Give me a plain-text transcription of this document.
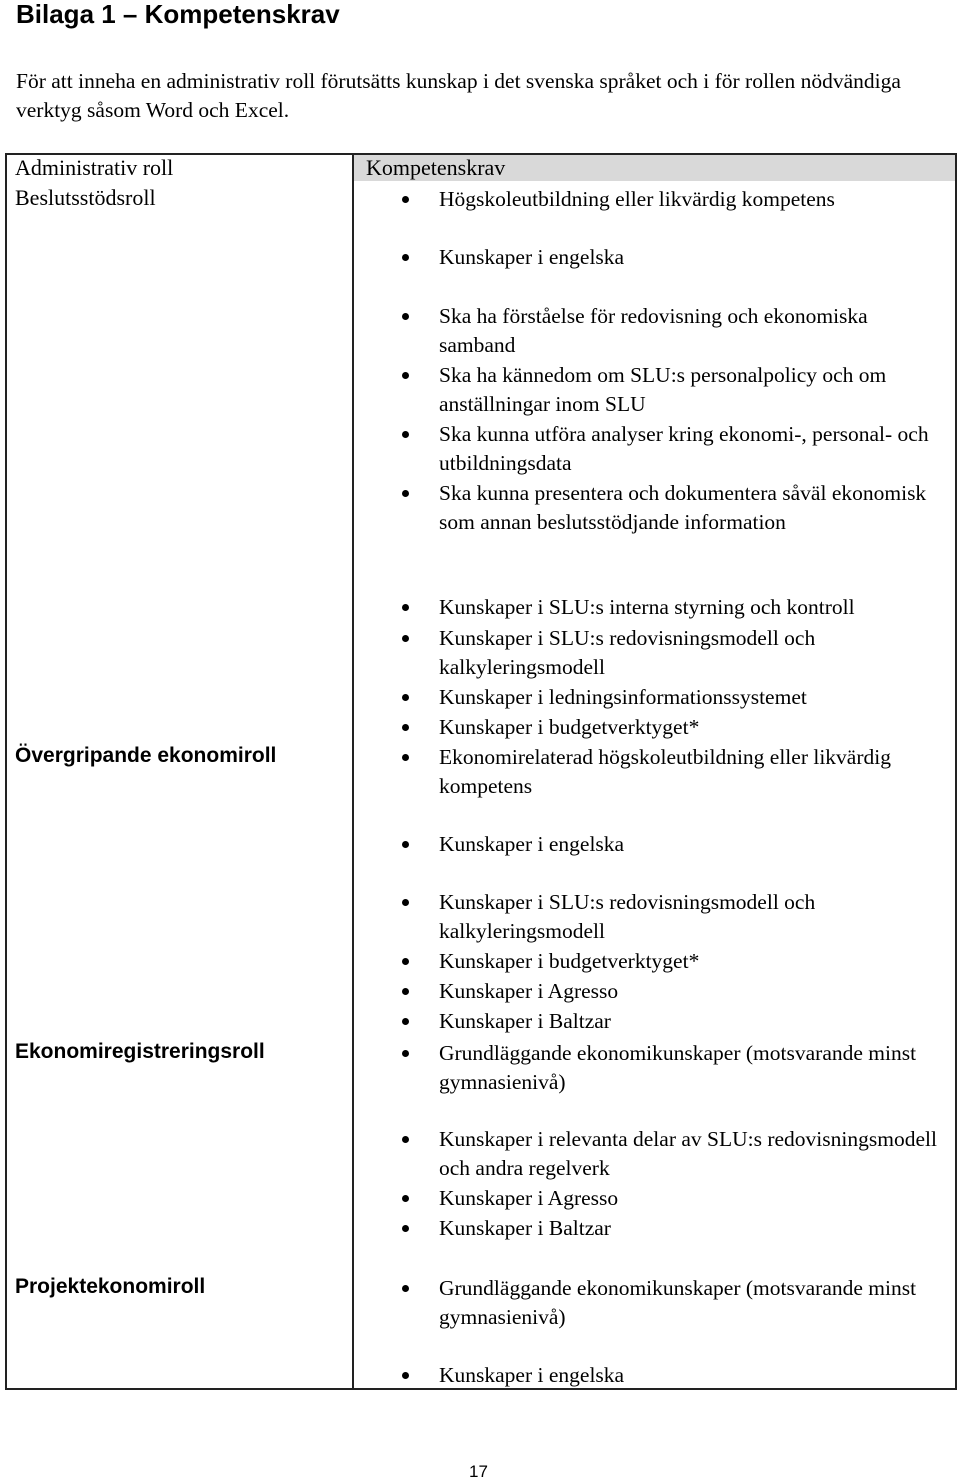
Bilaga 1 – Kompetenskrav

För att inneha en administrativ roll förutsätts kunskap i det svenska språket och i för rollen nödvändiga verktyg såsom Word och Excel.

Administrativ roll	Kompetenskrav
Beslutsstödsroll
Övergripande ekonomiroll
Ekonomiregistreringsroll
Projektekonomiroll
Högskoleutbildning eller likvärdig kompetens
Kunskaper i engelska
Ska ha förståelse för redovisning och ekonomiska samband
Ska ha kännedom om SLU:s personalpolicy och om anställningar inom SLU
Ska kunna utföra analyser kring ekonomi-, personal- och utbildningsdata
Ska kunna presentera och dokumentera såväl ekonomisk som annan beslutsstödjande information
Kunskaper i SLU:s interna styrning och kontroll
Kunskaper i SLU:s redovisningsmodell och kalkyleringsmodell
Kunskaper i ledningsinformationssystemet
Kunskaper i budgetverktyget*
Ekonomirelaterad högskoleutbildning eller likvärdig kompetens
Kunskaper i engelska
Kunskaper i SLU:s redovisningsmodell och kalkyleringsmodell
Kunskaper i budgetverktyget*
Kunskaper i Agresso
Kunskaper i Baltzar
Grundläggande ekonomikunskaper (motsvarande minst gymnasienivå)
Kunskaper i relevanta delar av SLU:s redovisningsmodell och andra regelverk
Kunskaper i Agresso
Kunskaper i Baltzar
Grundläggande ekonomikunskaper (motsvarande minst gymnasienivå)
Kunskaper i engelska
17
